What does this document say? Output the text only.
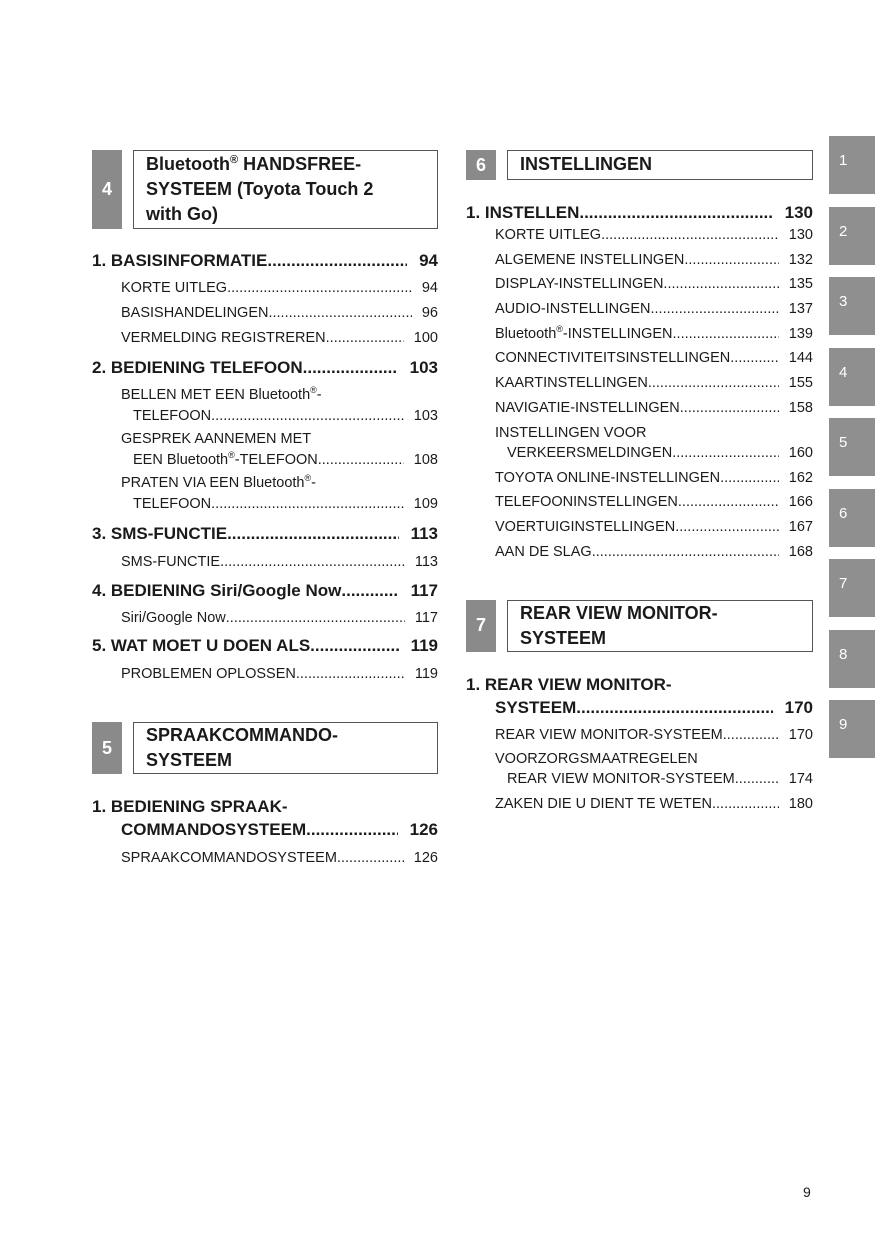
4
Bluetooth® HANDSFREE-
SYSTEEM (Toyota Touch 2
with Go)
1. BASISINFORMATIE .....	94
KORTE UITLEG .....	94
BASISHANDELINGEN .....	96
VERMELDING REGISTREREN .....	100
2. BEDIENING TELEFOON .....	103
BELLEN MET EEN Bluetooth®-
TELEFOON .....	103
GESPREK AANNEMEN MET
EEN Bluetooth®-TELEFOON .....	108
PRATEN VIA EEN Bluetooth®-
TELEFOON .....	109
3. SMS-FUNCTIE .....	113
SMS-FUNCTIE .....	113
4. BEDIENING Siri/Google Now .....	117
Siri/Google Now .....	117
5. WAT MOET U DOEN ALS... .....	119
PROBLEMEN OPLOSSEN .....	119
5
SPRAAKCOMMANDO-
SYSTEEM
1. BEDIENING SPRAAK-
COMMANDOSYSTEEM .....	126
SPRAAKCOMMANDOSYSTEEM .....	126
6	INSTELLINGEN
1. INSTELLEN .....	130
KORTE UITLEG .....	130
ALGEMENE INSTELLINGEN .....	132
DISPLAY-INSTELLINGEN .....	135
AUDIO-INSTELLINGEN .....	137
Bluetooth®-INSTELLINGEN .....	139
CONNECTIVITEITSINSTELLINGEN .....	144
KAARTINSTELLINGEN .....	155
NAVIGATIE-INSTELLINGEN .....	158
INSTELLINGEN VOOR
VERKEERSMELDINGEN .....	160
TOYOTA ONLINE-INSTELLINGEN .....	162
TELEFOONINSTELLINGEN .....	166
VOERTUIGINSTELLINGEN .....	167
AAN DE SLAG .....	168
7
REAR VIEW MONITOR-
SYSTEEM
1. REAR VIEW MONITOR-
SYSTEEM .....	170
REAR VIEW MONITOR-SYSTEEM .....	170
VOORZORGSMAATREGELEN
REAR VIEW MONITOR-SYSTEEM .....	174
ZAKEN DIE U DIENT TE WETEN .....	180
1
2
3
4
5
6
7
8
9
9
